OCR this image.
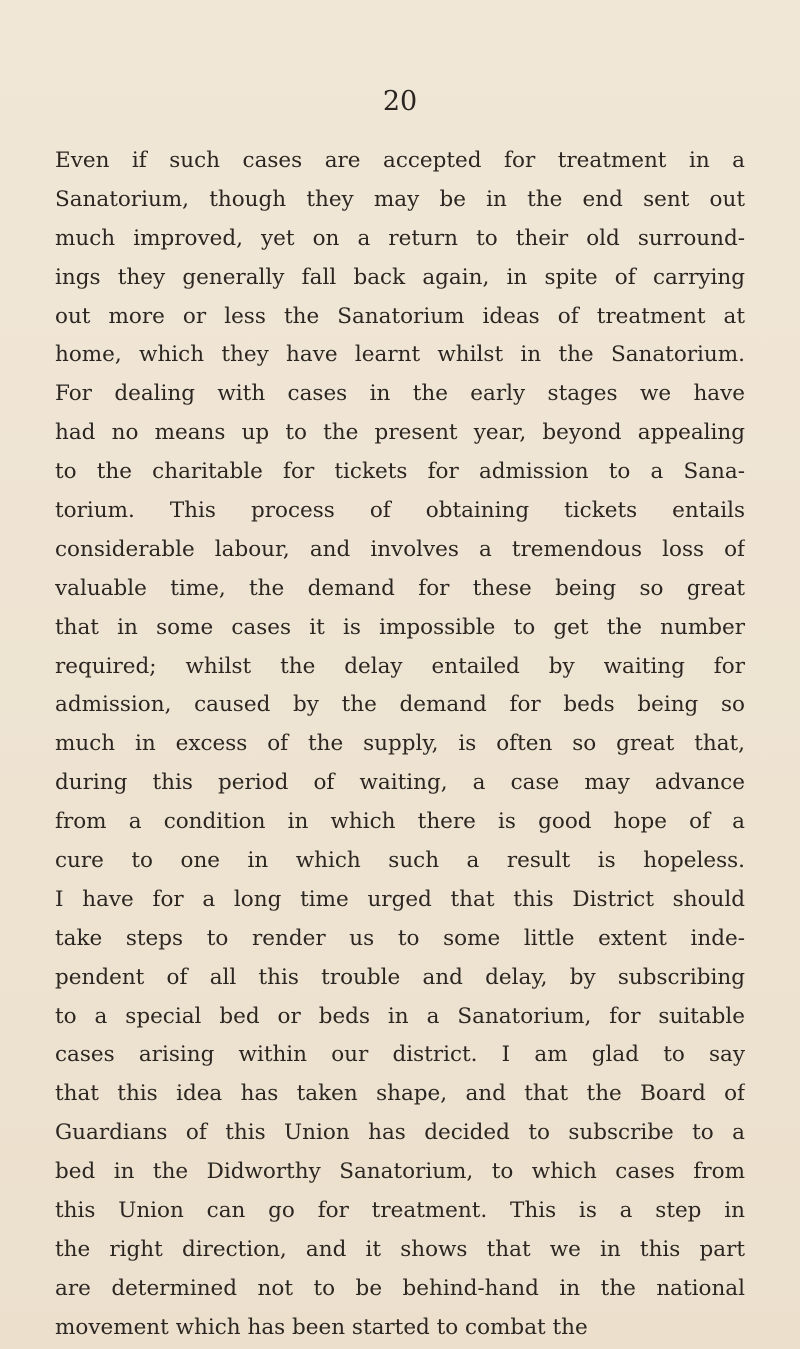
20
Even if such cases are accepted for treatment in a
Sanatorium, though they may be in the end sent out
much improved, yet on a return to their old surround-
ings they generally fall back again, in spite of carrying
out more or less the Sanatorium ideas of treatment at
home, which they have learnt whilst in the Sanatorium.
For dealing with cases in the early stages we have
had no means up to the present year, beyond appealing
to the charitable for tickets for admission to a Sana-
torium. This process of obtaining tickets entails
considerable labour, and involves a tremendous loss of
valuable time, the demand for these being so great
that in some cases it is impossible to get the number
required; whilst the delay entailed by waiting for
admission, caused by the demand for beds being so
much in excess of the supply, is often so great that,
during this period of waiting, a case may advance
from a condition in which there is good hope of a
cure to one in which such a result is hopeless.
I have for a long time urged that this District should
take steps to render us to some little extent inde-
pendent of all this trouble and delay, by subscribing
to a special bed or beds in a Sanatorium, for suitable
cases arising within our district. I am glad to say
that this idea has taken shape, and that the Board of
Guardians of this Union has decided to subscribe to a
bed in the Didworthy Sanatorium, to which cases from
this Union can go for treatment. This is a step in
the right direction, and it shows that we in this part
are determined not to be behind-hand in the national
movement which has been started to combat the
